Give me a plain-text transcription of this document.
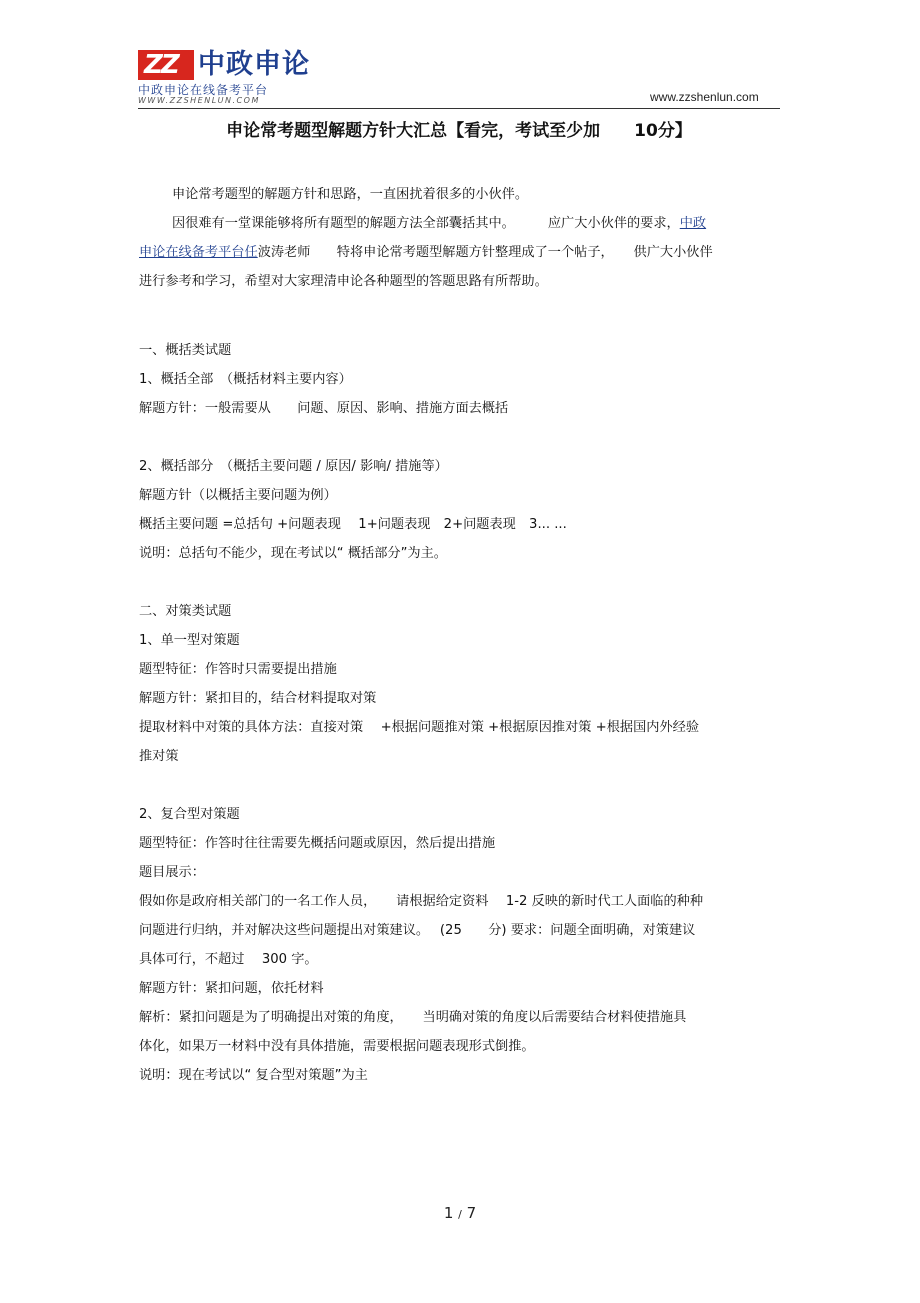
ZZ 中政申论
中政申论在线备考平台
WWW.ZZSHENLUN.COM	www.zzshenlun.com
申论常考题型解题方针大汇总【看完，考试至少加　　10分】

申论常考题型的解题方针和思路，一直困扰着很多的小伙伴。

因很难有一堂课能够将所有题型的解题方法全部囊括其中。　　　应广大小伙伴的要求，中政

申论在线备考平台任波涛老师　　特将申论常考题型解题方针整理成了一个帖子，　　供广大小伙伴

进行参考和学习，希望对大家理清申论各种题型的答题思路有所帮助。

一、概括类试题

1、概括全部　（概括材料主要内容）

解题方针：一般需要从　　问题、原因、影响、措施方面去概括

2、概括部分　（概括主要问题 / 原因/ 影响/ 措施等）

解题方针（以概括主要问题为例）

概括主要问题 =总括句 +问题表现　 1+问题表现　2+问题表现　3... ...

说明：总括句不能少，现在考试以“ 概括部分”为主。

二、对策类试题

1、单一型对策题

题型特征：作答时只需要提出措施

解题方针：紧扣目的，结合材料提取对策

提取材料中对策的具体方法：直接对策　 +根据问题推对策 +根据原因推对策 +根据国内外经验

推对策

2、复合型对策题

题型特征：作答时往往需要先概括问题或原因，然后提出措施

题目展示：

假如你是政府相关部门的一名工作人员，　　请根据给定资料　 1-2 反映的新时代工人面临的种种

问题进行归纳，并对解决这些问题提出对策建议。　 (25　　分) 要求：问题全面明确，对策建议

具体可行，不超过　 300 字。

解题方针：紧扣问题，依托材料

解析：紧扣问题是为了明确提出对策的角度，　　当明确对策的角度以后需要结合材料使措施具

体化，如果万一材料中没有具体措施，需要根据问题表现形式倒推。

说明：现在考试以“ 复合型对策题”为主

1 / 7
